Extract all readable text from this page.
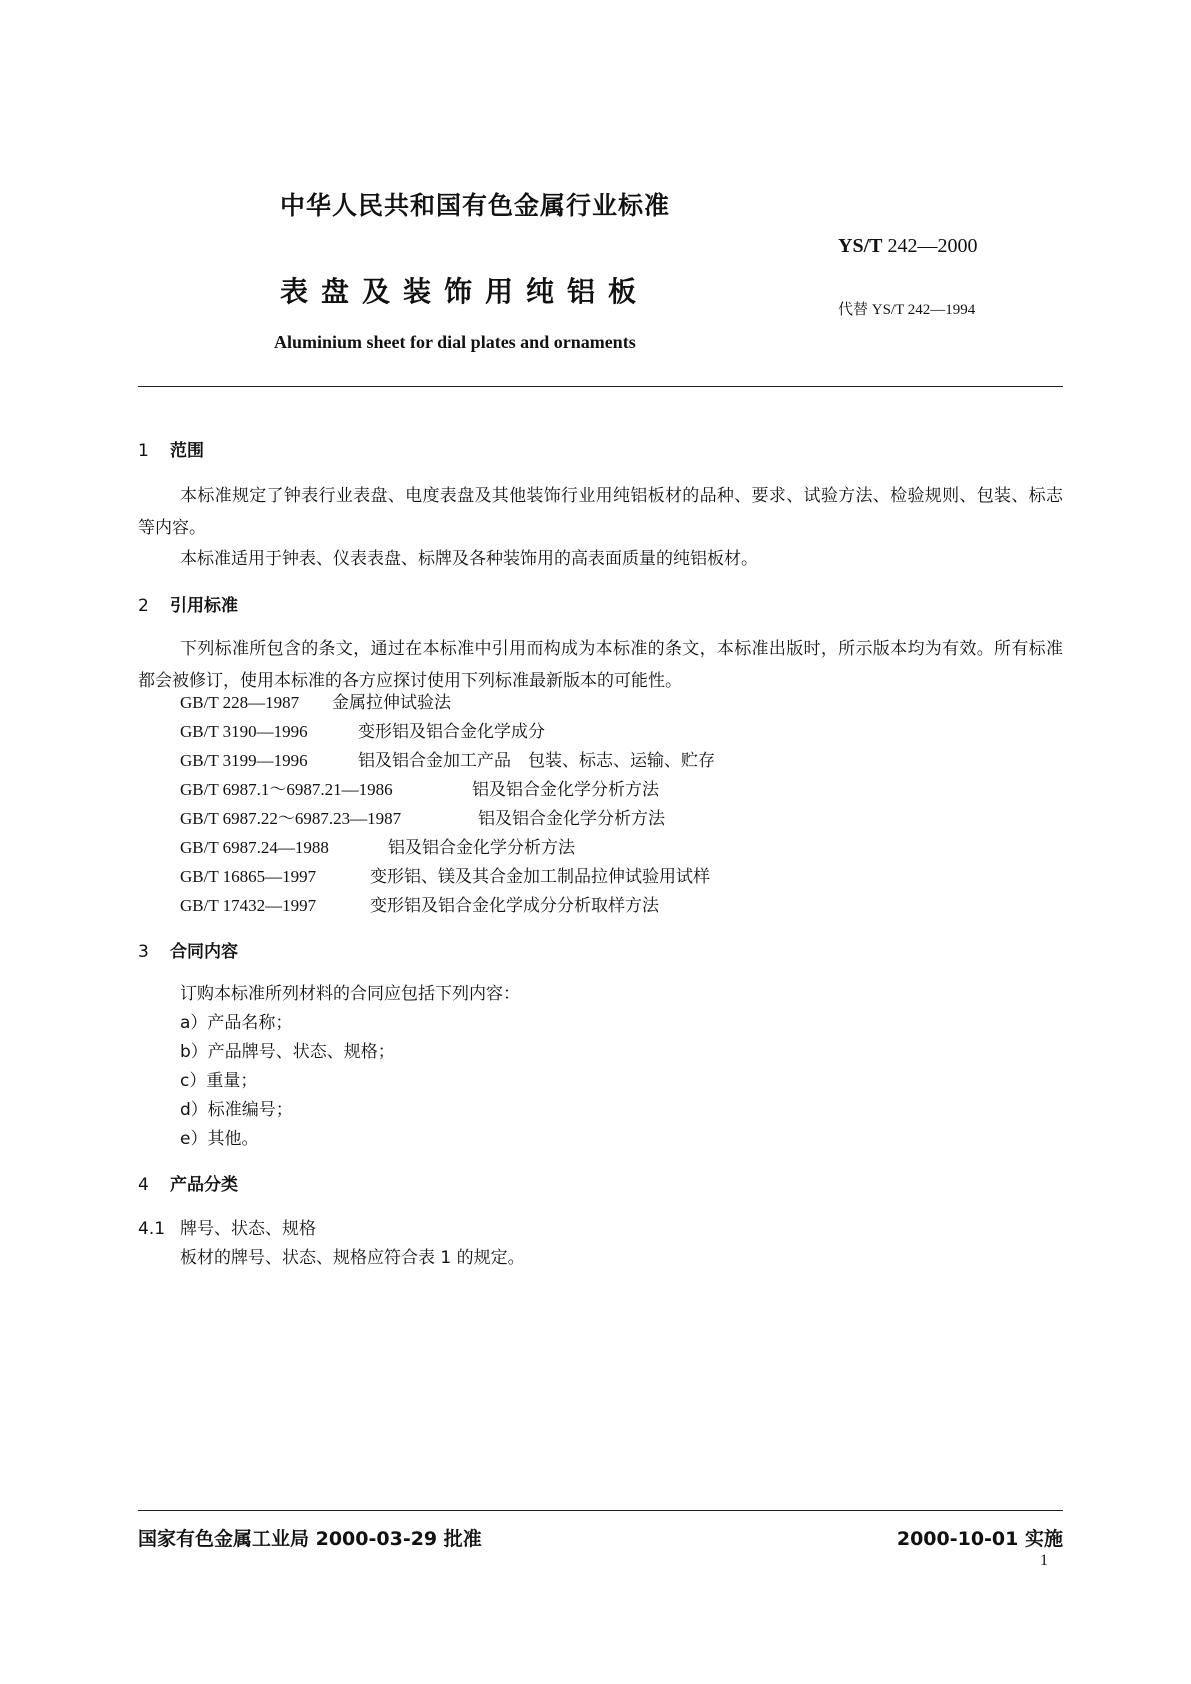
中华人民共和国有色金属行业标准
YS/T 242—2000
表盘及装饰用纯铝板
代替 YS/T 242—1994
Aluminium sheet for dial plates and ornaments
1 范围
本标准规定了钟表行业表盘、电度表盘及其他装饰行业用纯铝板材的品种、要求、试验方法、检验规则、包装、标志等内容。
本标准适用于钟表、仪表表盘、标牌及各种装饰用的高表面质量的纯铝板材。
2 引用标准
下列标准所包含的条文，通过在本标准中引用而构成为本标准的条文，本标准出版时，所示版本均为有效。所有标准都会被修订，使用本标准的各方应探讨使用下列标准最新版本的可能性。
GB/T 228—1987 金属拉伸试验法
GB/T 3190—1996	变形铝及铝合金化学成分
GB/T 3199—1996	铝及铝合金加工产品　包装、标志、运输、贮存
GB/T 6987.1～6987.21—1986	铝及铝合金化学分析方法
GB/T 6987.22～6987.23—1987	铝及铝合金化学分析方法
GB/T 6987.24—1988	铝及铝合金化学分析方法
GB/T 16865—1997	变形铝、镁及其合金加工制品拉伸试验用试样
GB/T 17432—1997	变形铝及铝合金化学成分分析取样方法
3 合同内容
订购本标准所列材料的合同应包括下列内容：
a）产品名称；
b）产品牌号、状态、规格；
c）重量；
d）标准编号；
e）其他。
4 产品分类
4.1 牌号、状态、规格
板材的牌号、状态、规格应符合表 1 的规定。
国家有色金属工业局 2000-03-29 批准	2000-10-01 实施
1
